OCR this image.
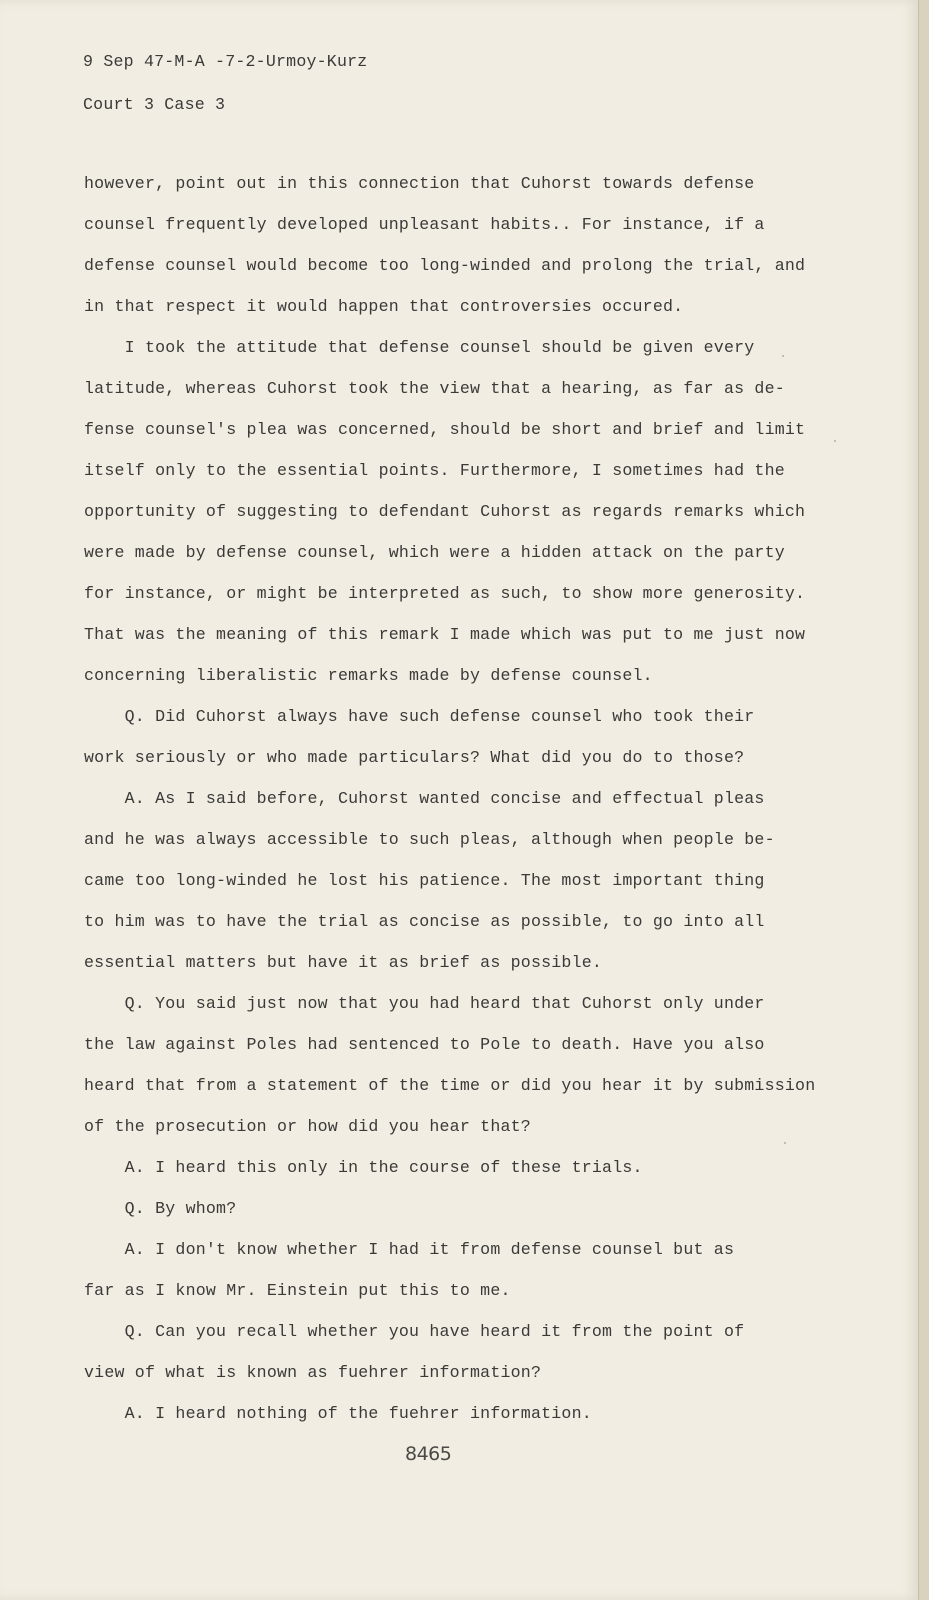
9 Sep 47-M-A -7-2-Urmoy-Kurz
Court 3 Case 3
however, point out in this connection that Cuhorst towards defense
counsel frequently developed unpleasant habits.. For instance, if a
defense counsel would become too long-winded and prolong the trial, and
in that respect it would happen that controversies occured.
I took the attitude that defense counsel should be given every
latitude, whereas Cuhorst took the view that a hearing, as far as de-
fense counsel's plea was concerned, should be short and brief and limit
itself only to the essential points. Furthermore, I sometimes had the
opportunity of suggesting to defendant Cuhorst as regards remarks which
were made by defense counsel, which were a hidden attack on the party
for instance, or might be interpreted as such, to show more generosity.
That was the meaning of this remark I made which was put to me just now
concerning liberalistic remarks made by defense counsel.
Q. Did Cuhorst always have such defense counsel who took their
work seriously or who made particulars? What did you do to those?
A. As I said before, Cuhorst wanted concise and effectual pleas
and he was always accessible to such pleas, although when people be-
came too long-winded he lost his patience. The most important thing
to him was to have the trial as concise as possible, to go into all
essential matters but have it as brief as possible.
Q. You said just now that you had heard that Cuhorst only under
the law against Poles had sentenced to Pole to death. Have you also
heard that from a statement of the time or did you hear it by submission
of the prosecution or how did you hear that?
A. I heard this only in the course of these trials.
Q. By whom?
A. I don't know whether I had it from defense counsel but as
far as I know Mr. Einstein put this to me.
Q. Can you recall whether you have heard it from the point of
view of what is known as fuehrer information?
A. I heard nothing of the fuehrer information.
8465
